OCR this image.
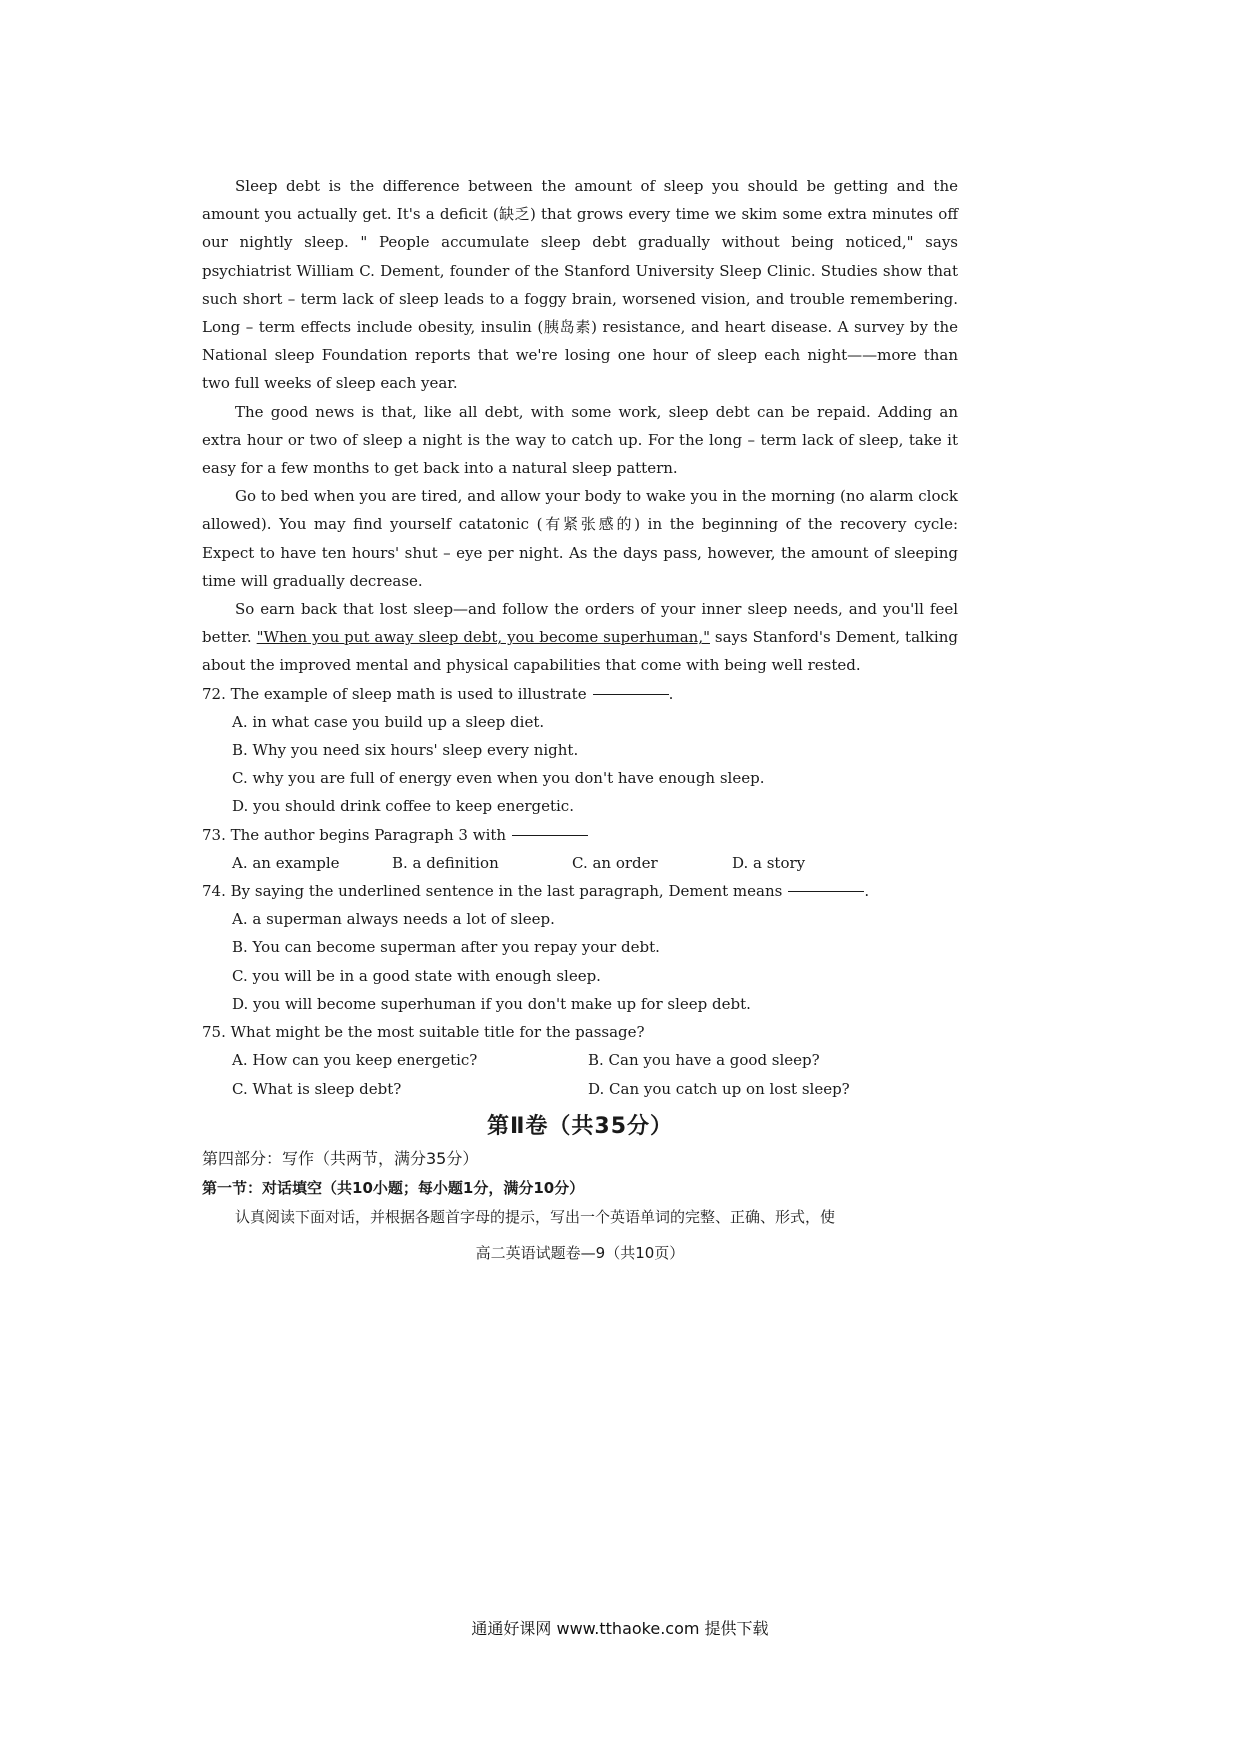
Sleep debt is the difference between the amount of sleep you should be getting and the amount you actually get. It's a deficit (缺乏) that grows every time we skim some extra minutes off our nightly sleep. " People accumulate sleep debt gradually without being noticed," says psychiatrist William C. Dement, founder of the Stanford University Sleep Clinic. Studies show that such short – term lack of sleep leads to a foggy brain, worsened vision, and trouble remembering. Long – term effects include obesity, insulin (胰岛素) resistance, and heart disease. A survey by the National sleep Foundation reports that we're losing one hour of sleep each night——more than two full weeks of sleep each year.

The good news is that, like all debt, with some work, sleep debt can be repaid. Adding an extra hour or two of sleep a night is the way to catch up. For the long – term lack of sleep, take it easy for a few months to get back into a natural sleep pattern.

Go to bed when you are tired, and allow your body to wake you in the morning (no alarm clock allowed). You may find yourself catatonic (有紧张感的) in the beginning of the recovery cycle: Expect to have ten hours' shut – eye per night. As the days pass, however, the amount of sleeping time will gradually decrease.

So earn back that lost sleep—and follow the orders of your inner sleep needs, and you'll feel better. "When you put away sleep debt, you become superhuman," says Stanford's Dement, talking about the improved mental and physical capabilities that come with being well rested.

72. The example of sleep math is used to illustrate	.

A. in what case you build up a sleep diet.

B. Why you need six hours' sleep every night.

C. why you are full of energy even when you don't have enough sleep.

D. you should drink coffee to keep energetic.

73. The author begins Paragraph 3 with

A. an example	B. a definition	C. an order	D. a story

74. By saying the underlined sentence in the last paragraph, Dement means	.

A. a superman always needs a lot of sleep.

B. You can become superman after you repay your debt.

C. you will be in a good state with enough sleep.

D. you will become superhuman if you don't make up for sleep debt.

75. What might be the most suitable title for the passage?

A. How can you keep energetic?	B. Can you have a good sleep?
C. What is sleep debt?	D. Can you catch up on lost sleep?
第Ⅱ卷（共35分）

第四部分：写作（共两节，满分35分）

第一节：对话填空（共10小题；每小题1分，满分10分）

认真阅读下面对话，并根据各题首字母的提示，写出一个英语单词的完整、正确、形式，使

高二英语试题卷—9（共10页）
通通好课网 www.tthaoke.com 提供下载
